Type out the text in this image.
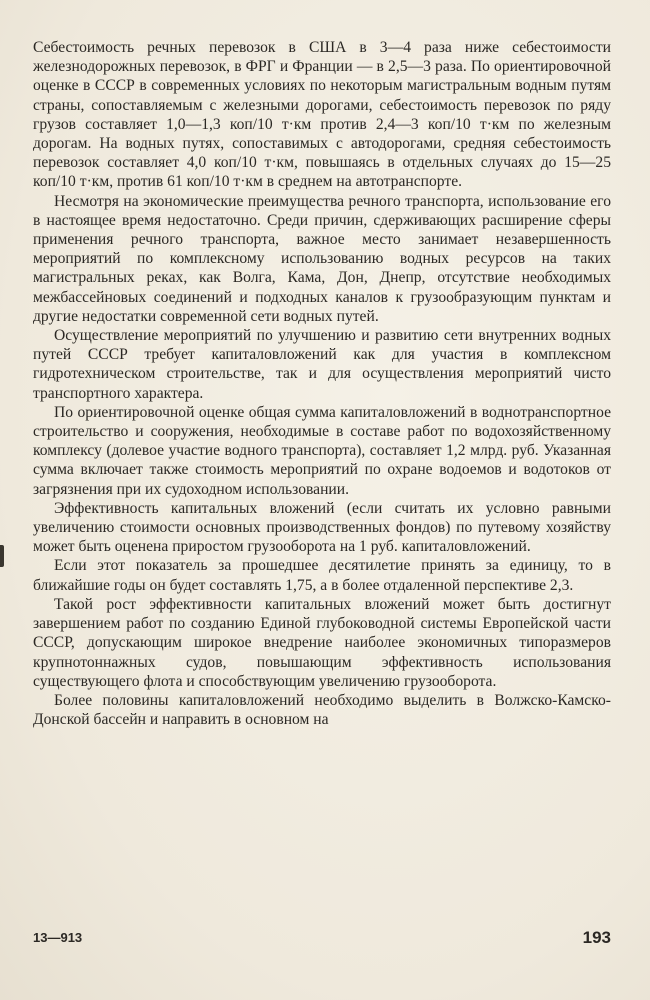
Себестоимость речных перевозок в США в 3—4 раза ниже себестоимости железнодорожных перевозок, в ФРГ и Франции — в 2,5—3 раза. По ориентировочной оценке в СССР в современных условиях по некоторым магистральным водным путям страны, сопоставляемым с железными дорогами, себестоимость перевозок по ряду грузов составляет 1,0—1,3 коп/10 т·км против 2,4—3 коп/10 т·км по железным дорогам. На водных путях, сопоставимых с автодорогами, средняя себестоимость перевозок составляет 4,0 коп/10 т·км, повышаясь в отдельных случаях до 15—25 коп/10 т·км, против 61 коп/10 т·км в среднем на автотранспорте.

Несмотря на экономические преимущества речного транспорта, использование его в настоящее время недостаточно. Среди причин, сдерживающих расширение сферы применения речного транспорта, важное место занимает незавершенность мероприятий по комплексному использованию водных ресурсов на таких магистральных реках, как Волга, Кама, Дон, Днепр, отсутствие необходимых межбассейновых соединений и подходных каналов к грузообразующим пунктам и другие недостатки современной сети водных путей.

Осуществление мероприятий по улучшению и развитию сети внутренних водных путей СССР требует капиталовложений как для участия в комплексном гидротехническом строительстве, так и для осуществления мероприятий чисто транспортного характера.

По ориентировочной оценке общая сумма капиталовложений в воднотранспортное строительство и сооружения, необходимые в составе работ по водохозяйственному комплексу (долевое участие водного транспорта), составляет 1,2 млрд. руб. Указанная сумма включает также стоимость мероприятий по охране водоемов и водотоков от загрязнения при их судоходном использовании.

Эффективность капитальных вложений (если считать их условно равными увеличению стоимости основных производственных фондов) по путевому хозяйству может быть оценена приростом грузооборота на 1 руб. капиталовложений.

Если этот показатель за прошедшее десятилетие принять за единицу, то в ближайшие годы он будет составлять 1,75, а в более отдаленной перспективе 2,3.

Такой рост эффективности капитальных вложений может быть достигнут завершением работ по созданию Единой глубоководной системы Европейской части СССР, допускающим широкое внедрение наиболее экономичных типоразмеров крупнотоннажных судов, повышающим эффективность использования существующего флота и способствующим увеличению грузооборота.

Более половины капиталовложений необходимо выделить в Волжско-Камско-Донской бассейн и направить в основном на

13—913	193
